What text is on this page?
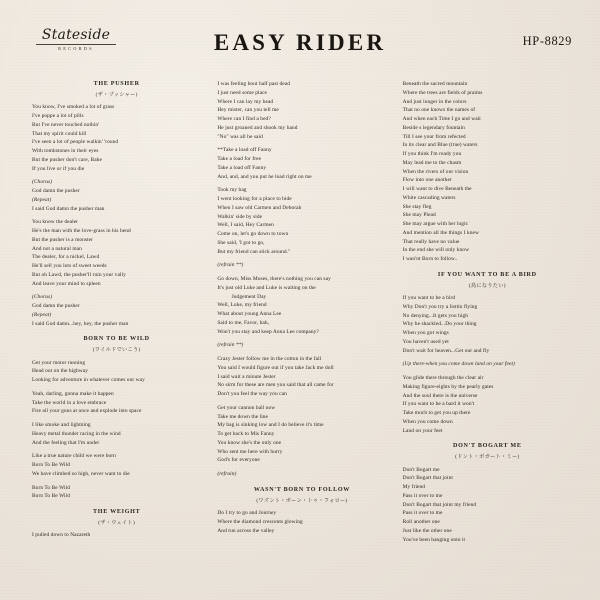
Stateside
RECORDS	EASY RIDER	HP-8829
THE PUSHER
(ザ・プッシャー)
You know, I've smoked a lot of grass
I've poppe a lot of pills
But I've never touched nothin'
That my spirit could kill
I've seen a lot of people walkin' 'round
With tombstones in their eyes
But the pusher don't care, Bahe
If you live or if you die
(Chorus)
God damn the pusher
(Repeat)
I said God damn the pusher man
You know the dealer
He's the man with the love-grass in his hend
But the pusher is a monster
And not a natural man
The dealer, for a nickel, Lawd
He'll sell you lots of sweet weeds
But oh Lawd, the pusher'll ruin your vally
And leave your mind to spleen
(Chorus)
God damn the pusher
(Repeat)
I said God damn...hey, hey, the pusher man
BORN TO BE WILD
(ワイルドでいこう)
Get your motor running
Head out on the highway
Looking for adventure in whatever comes our way
Yeah, darling, gonna make it happen
Take the world in a love embrace
Fire all your guns at once and explode into space
I like smoke and lightning
Heavy metal thunder racing in the wind
And the feeling that I'm under
Like a true nature child we were born
Born To Be Wild
We have climbed so high, never want to die
Born To Be Wild
Born To Be Wild
THE WEIGHT
(ザ・ウェイト)
I pulled down to Nazareth
I was feeling bout half past dead
I just need some place
Where I can lay my head
Hey mister, can you tell me
Where can I find a bed?
He just groaned and shook my hand
"No" was all he said
**Take a load off Fanny
Take a load for free
Take a load off Fanny
And, and, and you put he load right on me
Took my bag
I went looking for a place to hide
When I saw old Carmen and Deborah
Walkin' side by side
Well, I said, Hey Carmen
Come on, let's go down to town
She said, 'I got to go,
But my friend can stick around."
(refrain **)
Go down, Miss Moses, there's nothing you can say
It's just old Luke and Luke is waiting on the
Judgement Day
Well, Luke, my friend
What about young Anna Lee
Said to me, Favor, bah,
Won't you stay and keep Anna Lee company?
(refrain **)
Crazy Jester follow me in the cotton in the fall
You said I would figure out if you take Jack me doll
I said wait a minute Jester
No sirm for these are men you said that all came for
Don't you feel the way you can
Get your cannon ball now
Take me down the line
My bag is sinking low and I do believe it's time
To get back to Mis Fanny
You know she's the only one
Who sent me here with hurry
God's for everyone
(refrain)
WASN'T BORN TO FOLLOW
(ワズント・ボーン・トゥ・フォロー)
Do I try to go and Journey
Where the diamond crescents glowing
And run across the valley
Beneath the sacred mountain
Where the trees are fields of praims
And just longer in the colors
That no one knows the names of
And when each Time I go and wait
Beside s legendary fountain
Till I see your from refected
In its clear and Blue (true) waters
If you think I'm ready you
May lead me to the chasm
When the rivers of our vision
Flow into one another
I will want to dive Beneath the
White cascading waters
She stay fleg
She may Plead
She may argue with her logic
And mention all the things I knew
That really have no value
In the end she will only know
I wan'nt Born to follow..
IF YOU WANT TO BE A BIRD
(鳥になりたい)
If you want to be a bird
Why Don't you try a listtin flying
No denying...It gets you high
Why he shackled...Do your thing
When you got wings
You haven't used yet
Don't wait for heaven...Get our and fly
(Up there-when you come down land on your feet)
You glide there through the clear air
Making figure-eights by the pearly gates
And the soul there is the universe
If you want to be a bard it won't
Take much to get you up there
When you come down
Land on your feet
DON'T BOGART ME
(ドント・ボガート・ミー)
Don't Bogart me
Don't Bogart that joint
My friend
Pass it over to me
Don't Bogart that joint my friend
Pass it over to me
Roll another one
Just like the other one
You've been hanging onto it
